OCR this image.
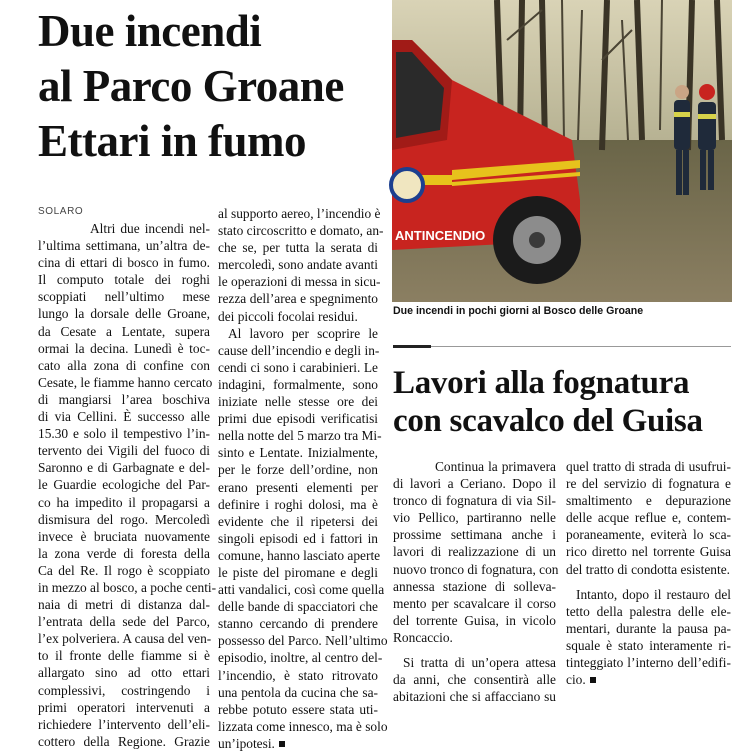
Due incendi
al Parco Groane
Ettari in fumo
SOLARO
Altri due incendi nel-
l’ultima settimana, un’altra de-
cina di ettari di bosco in fumo.
Il computo totale dei roghi
scoppiati nell’ultimo mese
lungo la dorsale delle Groane,
da Cesate a Lentate, supera
ormai la decina. Lunedì è toc-
cato alla zona di confine con
Cesate, le fiamme hanno cercato
di mangiarsi l’area boschiva
di via Cellini. È successo alle
15.30 e solo il tempestivo l’in-
tervento dei Vigili del fuoco di
Saronno e di Garbagnate e del-
le Guardie ecologiche del Par-
co ha impedito il propagarsi a
dismisura del rogo. Mercoledì
invece è bruciata nuovamente
la zona verde di foresta della
Ca del Re. Il rogo è scoppiato
in mezzo al bosco, a poche centi-
naia di metri di distanza dal-
l’entrata della sede del Parco,
l’ex polveriera. A causa del ven-
to il fronte delle fiamme si è
allargato sino ad otto ettari
complessivi, costringendo i
primi operatori intervenuti a
richiedere l’intervento dell’eli-
cottero della Regione. Grazie
al supporto aereo, l’incendio è
stato circoscritto e domato, an-
che se, per tutta la serata di
mercoledì, sono andate avanti
le operazioni di messa in sicu-
rezza dell’area e spegnimento
dei piccoli focolai residui.
Al lavoro per scoprire le
cause dell’incendio e degli in-
cendi ci sono i carabinieri. Le
indagini, formalmente, sono
iniziate nelle stesse ore dei
primi due episodi verificatisi
nella notte del 5 marzo tra Mi-
sinto e Lentate. Inizialmente,
per le forze dell’ordine, non
erano presenti elementi per
definire i roghi dolosi, ma è
evidente che il ripetersi dei
singoli episodi ed i fattori in
comune, hanno lasciato aperte
le piste del piromane e degli
atti vandalici, così come quella
delle bande di spacciatori che
stanno cercando di prendere
possesso del Parco. Nell’ultimo
episodio, inoltre, al centro del-
l’incendio, è stato ritrovato
una pentola da cucina che sa-
rebbe potuto essere stata uti-
lizzata come innesco, ma è solo
un’ipotesi.
ANTINCENDIO
Due incendi in pochi giorni al Bosco delle Groane
Lavori alla fognatura
con scavalco del Guisa
Continua la primavera
di lavori a Ceriano. Dopo il
tronco di fognatura di via Sil-
vio Pellico, partiranno nelle
prossime settimana anche i
lavori di realizzazione di un
nuovo tronco di fognatura, con
annessa stazione di solleva-
mento per scavalcare il corso
del torrente Guisa, in vicolo
Roncaccio.
Si tratta di un’opera attesa
da anni, che consentirà alle
abitazioni che si affacciano su
quel tratto di strada di usufrui-
re del servizio di fognatura e
smaltimento e depurazione
delle acque reflue e, contem-
poraneamente, eviterà lo sca-
rico diretto nel torrente Guisa
del tratto di condotta esistente.
Intanto, dopo il restauro del
tetto della palestra delle ele-
mentari, durante la pausa pa-
squale è stato interamente ri-
tinteggiato l’interno dell’edifi-
cio.
